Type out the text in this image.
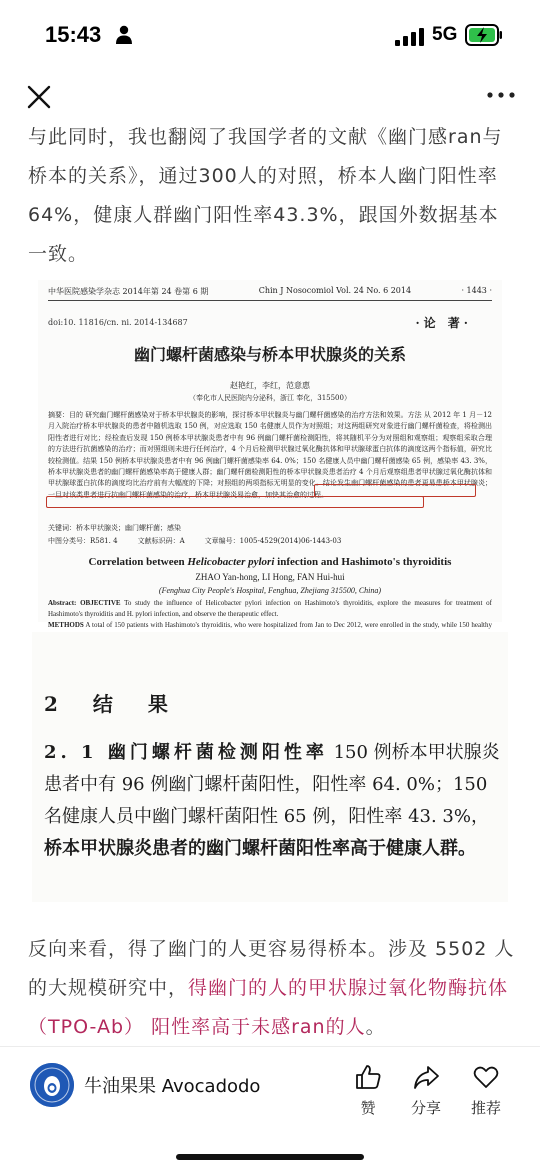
15:43	5G
与此同时，我也翻阅了我国学者的文献《幽门感ran与桥本的关系》，通过300人的对照，桥本人幽门阳性率64%，健康人群幽门阳性率43.3%，跟国外数据基本一致。
中华医院感染学杂志 2014年第 24 卷第 6 期	Chin J Nosocomiol Vol. 24 No. 6 2014	· 1443 ·
doi:10. 11816/cn. ni. 2014-134687	·论 著·
幽门螺杆菌感染与桥本甲状腺炎的关系
赵艳红，李红，范意惠
（奉化市人民医院内分泌科，浙江 奉化，315500）
摘要：目的 研究幽门螺杆菌感染对于桥本甲状腺炎的影响，探讨桥本甲状腺炎与幽门螺杆菌感染的治疗方法和效果。方法 从 2012 年 1 月－12 月入院治疗桥本甲状腺炎的患者中随机选取 150 例，对应选取 150 名健康人员作为对照组；对这两组研究对象进行幽门螺杆菌检查，将检测出阳性者进行对比；经检查后发现 150 例桥本甲状腺炎患者中有 96 例幽门螺杆菌检测阳性，将其随机平分为对照组和观察组；观察组采取合理的方法进行抗菌感染的治疗；而对照组则未进行任何治疗，4 个月后检测甲状腺过氧化酶抗体和甲状腺球蛋白抗体的滴度这两个指标值，研究比较检测值。结果 150 例桥本甲状腺炎患者中有 96 例幽门螺杆菌感染率 64. 0%；150 名健康人员中幽门螺杆菌感染 65 例，感染率 43. 3%，桥本甲状腺炎患者的幽门螺杆菌感染率高于健康人群；幽门螺杆菌检测阳性的桥本甲状腺炎患者治疗 4 个月后观察组患者甲状腺过氧化酶抗体和甲状腺球蛋白抗体的滴度均比治疗前有大幅度的下降；对照组的两项指标无明显的变化。结论发生幽门螺杆菌感染的患者更易患桥本甲状腺炎；一旦对该类患者进行抗幽门螺杆菌感染的治疗，桥本甲状腺炎易治愈，加快其治愈的过程。
关键词：桥本甲状腺炎；幽门螺杆菌；感染
中图分类号：R581. 4	文献标识码：A	文章编号：1005-4529(2014)06-1443-03
Correlation between Helicobacter pylori infection and Hashimoto's thyroiditis
ZHAO Yan-hong, LI Hong, FAN Hui-hui
(Fenghua City People's Hospital, Fenghua, Zhejiang 315500, China)
Abstract: OBJECTIVE To study the influence of Helicobacter pylori infection on Hashimoto's thyroiditis, explore the measures for treatment of Hashimoto's thyroiditis and H. pylori infection, and observe the therapeutic effect.
METHODS A total of 150 patients with Hashimoto's thyroiditis, who were hospitalized from Jan to Dec 2012, were enrolled in the study, while 150 healthy
2 结 果
2. 1 幽门螺杆菌检测阳性率 150 例桥本甲状腺炎患者中有 96 例幽门螺杆菌阳性，阳性率 64. 0%；150 名健康人员中幽门螺杆菌阳性 65 例，阳性率 43. 3%，桥本甲状腺炎患者的幽门螺杆菌阳性率高于健康人群。
反向来看，得了幽门的人更容易得桥本。涉及 5502 人的大规模研究中，得幽门的人的甲状腺过氧化物酶抗体 （TPO-Ab） 阳性率高于未感ran的人。
牛油果果 Avocadodo
赞	分享	推荐
